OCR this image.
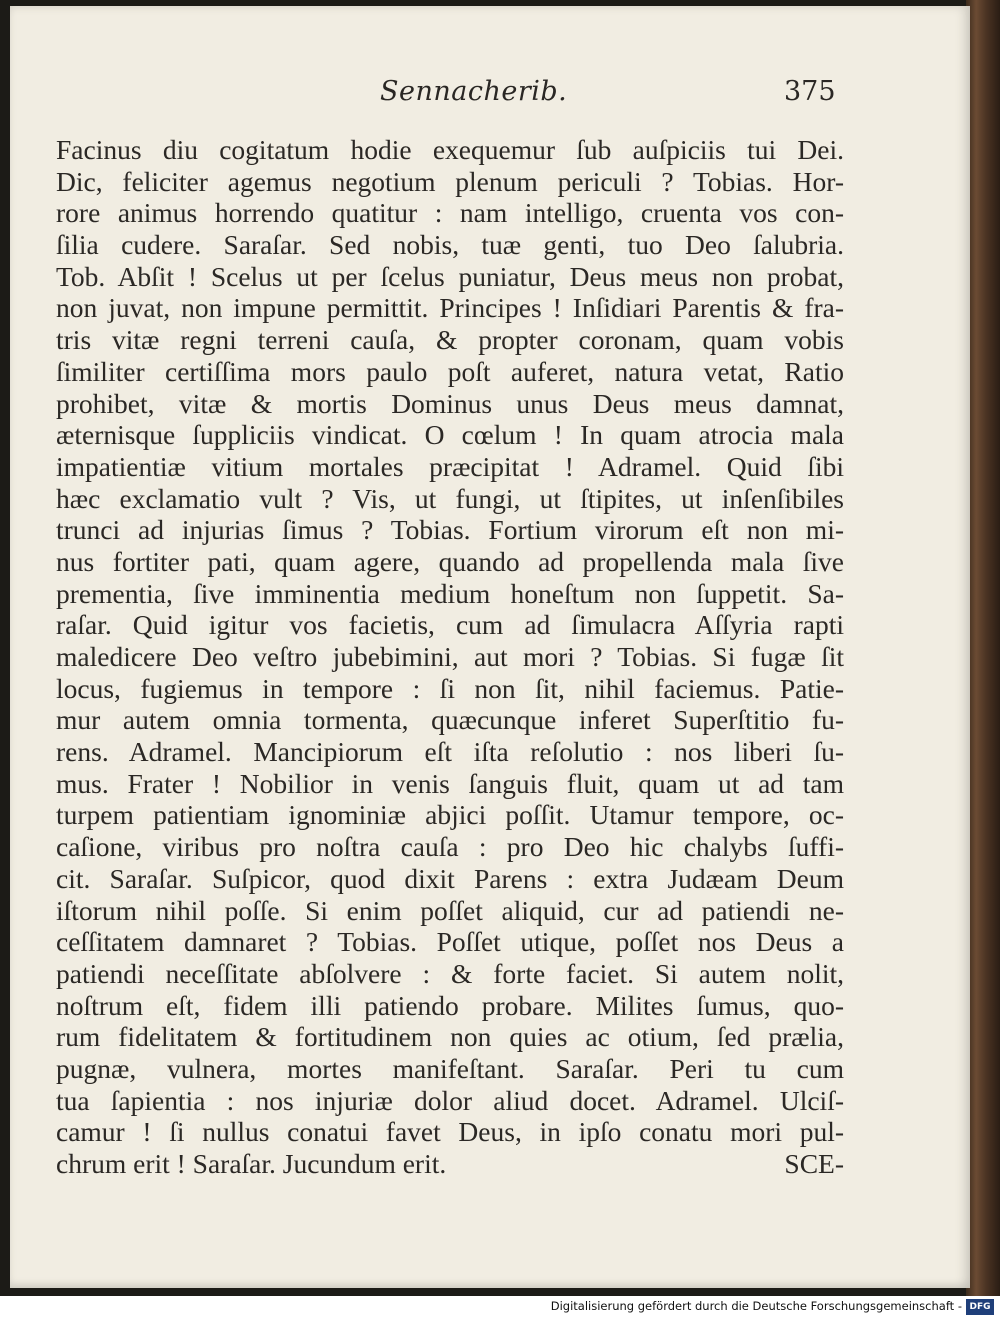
Sennacherib.	375
Facinus diu cogitatum hodie exequemur ſub auſpiciis tui Dei.
Dic, feliciter agemus negotium plenum periculi ? Tobias. Hor-
rore animus horrendo quatitur : nam intelligo, cruenta vos con-
ſilia cudere. Saraſar. Sed nobis, tuæ genti, tuo Deo ſalubria.
Tob. Abſit ! Scelus ut per ſcelus puniatur, Deus meus non probat,
non juvat, non impune permittit. Principes ! Inſidiari Parentis & fra-
tris vitæ regni terreni cauſa, & propter coronam, quam vobis
ſimiliter certiſſima mors paulo poſt auferet, natura vetat, Ratio
prohibet, vitæ & mortis Dominus unus Deus meus damnat,
æternisque ſuppliciis vindicat. O cœlum ! In quam atrocia mala
impatientiæ vitium mortales præcipitat ! Adramel. Quid ſibi
hæc exclamatio vult ? Vis, ut fungi, ut ſtipites, ut inſenſibiles
trunci ad injurias ſimus ? Tobias. Fortium virorum eſt non mi-
nus fortiter pati, quam agere, quando ad propellenda mala ſive
prementia, ſive imminentia medium honeſtum non ſuppetit. Sa-
raſar. Quid igitur vos facietis, cum ad ſimulacra Aſſyria rapti
maledicere Deo veſtro jubebimini, aut mori ? Tobias. Si fugæ ſit
locus, fugiemus in tempore : ſi non ſit, nihil faciemus. Patie-
mur autem omnia tormenta, quæcunque inferet Superſtitio fu-
rens. Adramel. Mancipiorum eſt iſta reſolutio : nos liberi ſu-
mus. Frater ! Nobilior in venis ſanguis fluit, quam ut ad tam
turpem patientiam ignominiæ abjici poſſit. Utamur tempore, oc-
caſione, viribus pro noſtra cauſa : pro Deo hic chalybs ſuffi-
cit. Saraſar. Suſpicor, quod dixit Parens : extra Judæam Deum
iſtorum nihil poſſe. Si enim poſſet aliquid, cur ad patiendi ne-
ceſſitatem damnaret ? Tobias. Poſſet utique, poſſet nos Deus a
patiendi neceſſitate abſolvere : & forte faciet. Si autem nolit,
noſtrum eſt, fidem illi patiendo probare. Milites ſumus, quo-
rum fidelitatem & fortitudinem non quies ac otium, ſed prælia,
pugnæ, vulnera, mortes manifeſtant. Saraſar. Peri tu cum
tua ſapientia : nos injuriæ dolor aliud docet. Adramel. Ulciſ-
camur ! ſi nullus conatui favet Deus, in ipſo conatu mori pul-
chrum erit ! Saraſar. Jucundum erit.	SCE-
Digitalisierung gefördert durch die Deutsche Forschungsgemeinschaft - DFG
